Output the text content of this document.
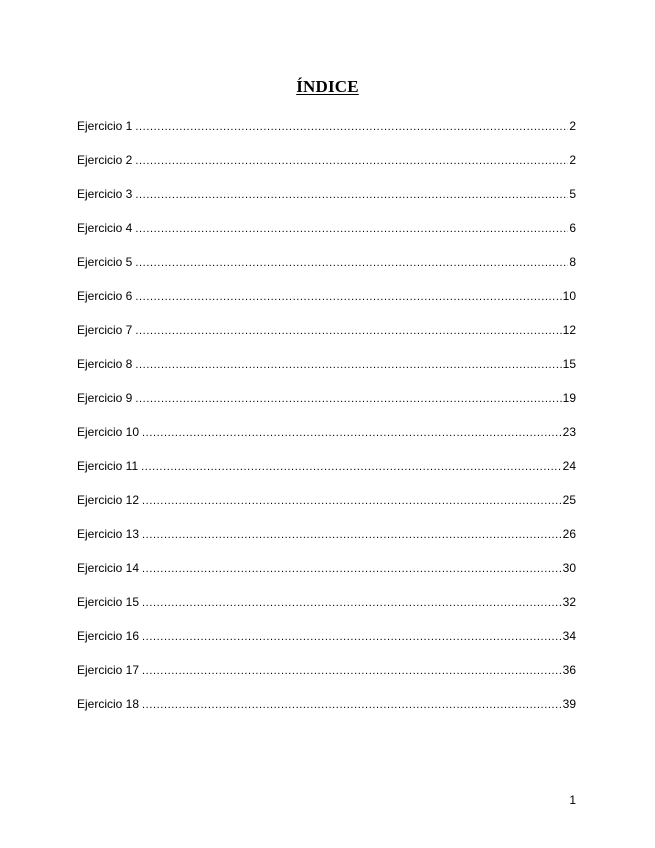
ÍNDICE
Ejercicio 1 .....	2
Ejercicio 2 .....	2
Ejercicio 3 .....	5
Ejercicio 4 .....	6
Ejercicio 5 .....	8
Ejercicio 6 .....	10
Ejercicio 7 .....	12
Ejercicio 8 .....	15
Ejercicio 9 .....	19
Ejercicio 10 .....	23
Ejercicio 11 .....	24
Ejercicio 12 .....	25
Ejercicio 13 .....	26
Ejercicio 14 .....	30
Ejercicio 15 .....	32
Ejercicio 16 .....	34
Ejercicio 17 .....	36
Ejercicio 18 .....	39
1
